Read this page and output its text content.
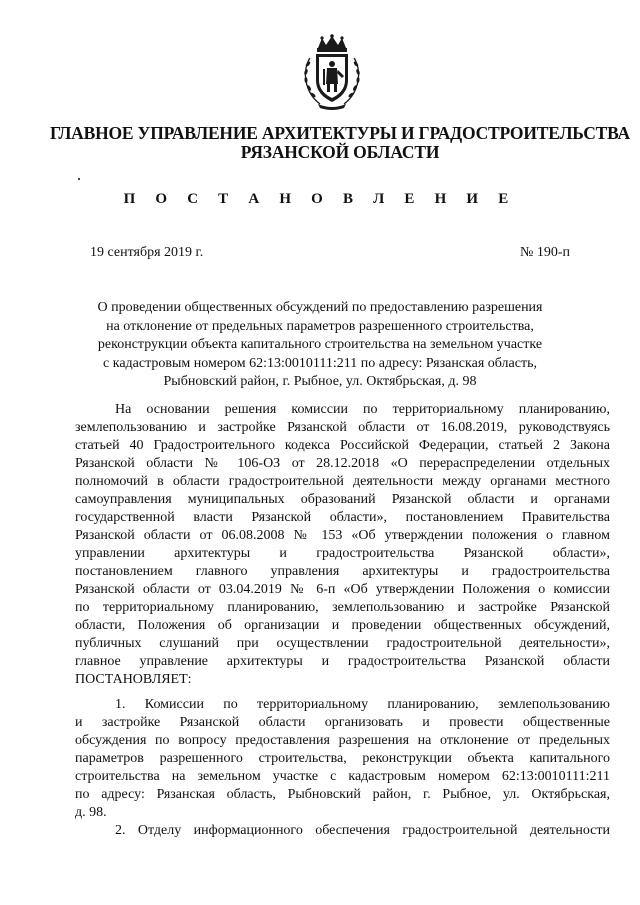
ГЛАВНОЕ УПРАВЛЕНИЕ АРХИТЕКТУРЫ И ГРАДОСТРОИТЕЛЬСТВА
РЯЗАНСКОЙ ОБЛАСТИ
П О С Т А Н О В Л Е Н И Е
19 сентября 2019 г.	№ 190-п
О проведении общественных обсуждений по предоставлению разрешения
на отклонение от предельных параметров разрешенного строительства,
реконструкции объекта капитального строительства на земельном участке
с кадастровым номером 62:13:0010111:211 по адресу: Рязанская область,
Рыбновский район, г. Рыбное, ул. Октябрьская, д. 98
На основании решения комиссии по территориальному планированию,
землепользованию и застройке Рязанской области от 16.08.2019, руководствуясь
статьей 40 Градостроительного кодекса Российской Федерации, статьей 2 Закона
Рязанской области № 106-ОЗ от 28.12.2018 «О перераспределении отдельных
полномочий в области градостроительной деятельности между органами местного
самоуправления муниципальных образований Рязанской области и органами
государственной власти Рязанской области», постановлением Правительства
Рязанской области от 06.08.2008 № 153 «Об утверждении положения о главном
управлении архитектуры и градостроительства Рязанской области»,
постановлением главного управления архитектуры и градостроительства
Рязанской области от 03.04.2019 № 6-п «Об утверждении Положения о комиссии
по территориальному планированию, землепользованию и застройке Рязанской
области, Положения об организации и проведении общественных обсуждений,
публичных слушаний при осуществлении градостроительной деятельности»,
главное управление архитектуры и градостроительства Рязанской области
ПОСТАНОВЛЯЕТ:
1. Комиссии по территориальному планированию, землепользованию
и застройке Рязанской области организовать и провести общественные
обсуждения по вопросу предоставления разрешения на отклонение от предельных
параметров разрешенного строительства, реконструкции объекта капитального
строительства на земельном участке с кадастровым номером 62:13:0010111:211
по адресу: Рязанская область, Рыбновский район, г. Рыбное, ул. Октябрьская,
д. 98.
2. Отделу информационного обеспечения градостроительной деятельности
